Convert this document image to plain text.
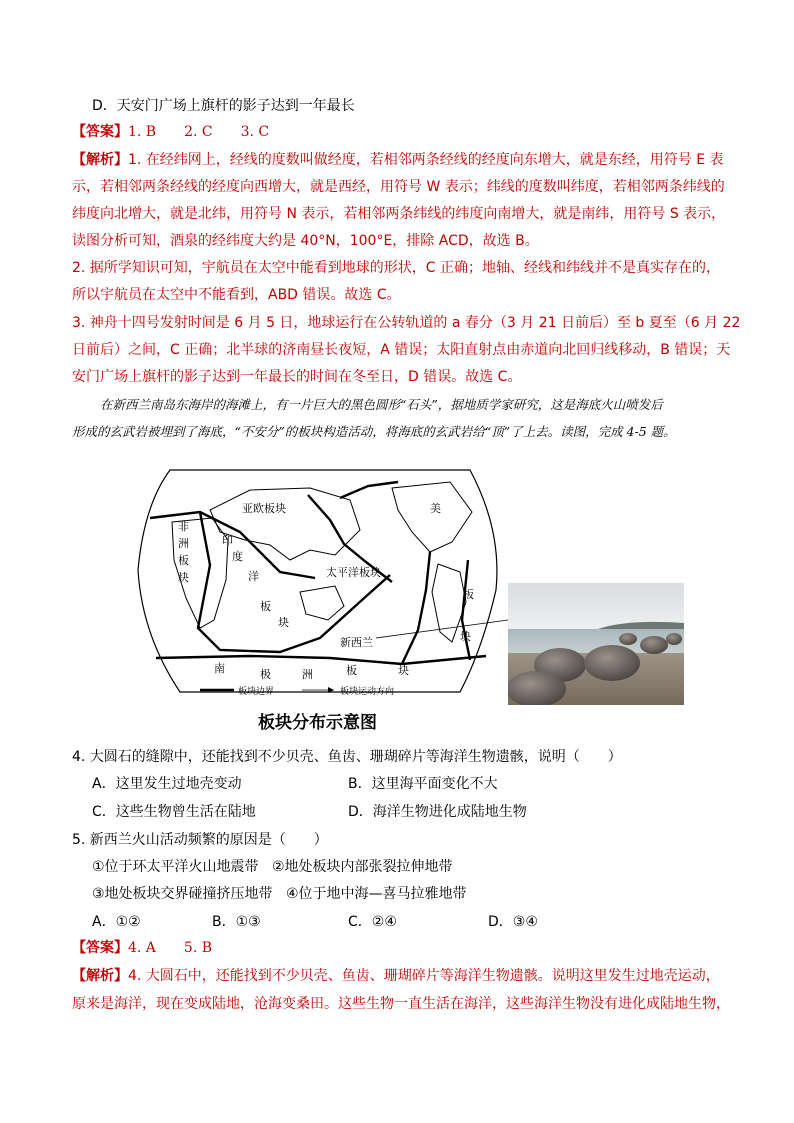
D．天安门广场上旗杆的影子达到一年最长
【答案】1. B　　2. C　　3. C
【解析】1. 在经纬网上，经线的度数叫做经度，若相邻两条经线的经度向东增大，就是东经，用符号 E 表
示，若相邻两条经线的经度向西增大，就是西经，用符号 W 表示；纬线的度数叫纬度，若相邻两条纬线的
纬度向北增大，就是北纬，用符号 N 表示，若相邻两条纬线的纬度向南增大，就是南纬，用符号 S 表示，
读图分析可知，酒泉的经纬度大约是 40°N，100°E，排除 ACD，故选 B。
2. 据所学知识可知，宇航员在太空中能看到地球的形状，C 正确；地轴、经线和纬线并不是真实存在的，
所以宇航员在太空中不能看到，ABD 错误。故选 C。
3. 神舟十四号发射时间是 6 月 5 日，地球运行在公转轨道的 a 春分（3 月 21 日前后）至 b 夏至（6 月 22
日前后）之间，C 正确；北半球的济南昼长夜短，A 错误；太阳直射点由赤道向北回归线移动，B 错误；天
安门广场上旗杆的影子达到一年最长的时间在冬至日，D 错误。故选 C。
在新西兰南岛东海岸的海滩上，有一片巨大的黑色圆形“石头”，据地质学家研究，这是海底火山喷发后
形成的玄武岩被埋到了海底，“不安分”的板块构造活动，将海底的玄武岩给“顶”了上去。读图，完成 4-5 题。
亚欧板块
非
洲
板
块
印
度
洋
板
块
太平洋板块
美
板
块
新西兰
南	极	洲	板	块
板块边界	板块运动方向
板块分布示意图
4. 大圆石的缝隙中，还能找到不少贝壳、鱼齿、珊瑚碎片等海洋生物遗骸，说明（　　）
A．这里发生过地壳变动	B．这里海平面变化不大
C．这些生物曾生活在陆地	D．海洋生物进化成陆地生物
5. 新西兰火山活动频繁的原因是（　　）
①位于环太平洋火山地震带 ②地处板块内部张裂拉伸地带
③地处板块交界碰撞挤压地带 ④位于地中海—喜马拉雅地带
A．①②	B．①③	C．②④	D．③④
【答案】4. A　　5. B
【解析】4. 大圆石中，还能找到不少贝壳、鱼齿、珊瑚碎片等海洋生物遗骸。说明这里发生过地壳运动，
原来是海洋，现在变成陆地，沧海变桑田。这些生物一直生活在海洋，这些海洋生物没有进化成陆地生物，
